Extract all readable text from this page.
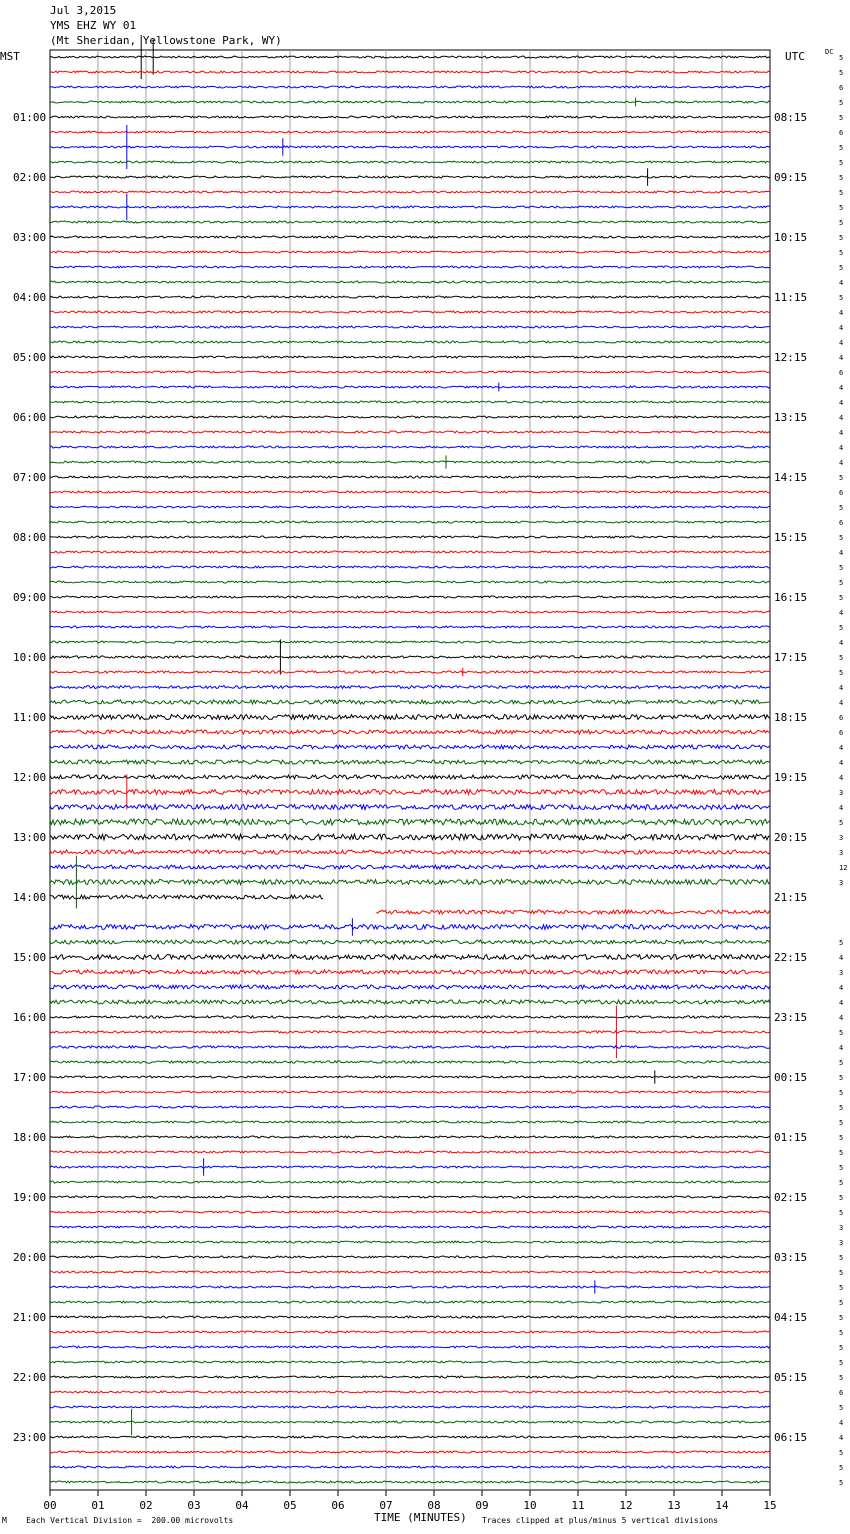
Jul 3,2015
YMS EHZ WY 01
(Mt Sheridan, Yellowstone Park, WY)
MST	UTC	DC
5
5
6
5
5
6
5
5
5
5
5
5
5
5
5
4
5
4
4
4
4
6
4
4
4
4
4
4
5
6
5
6
5
4
5
5
5
4
5
4
5
5
4
4
6
6
4
4
4
3
4
5
3
3
12
3
5
4
3
4
4
4
5
4
5
5
5
5
5
5
5
5
5
5
5
3
3
5
5
5
5
5
5
5
5
5
6
5
4
4
5
5
5
01:00
02:00
03:00
04:00
05:00
06:00
07:00
08:00
09:00
10:00
11:00
12:00
13:00
14:00
15:00
16:00
17:00
18:00
19:00
20:00
21:00
22:00
23:00
08:15
09:15
10:15
11:15
12:15
13:15
14:15
15:15
16:15
17:15
18:15
19:15
20:15
21:15
22:15
23:15
00:15
01:15
02:15
03:15
04:15
05:15
06:15
00	01	02	03	04	05	06	07	08	09	10	11	12	13	14	15
TIME (MINUTES)
M Each Vertical Division =  200.00 microvolts	Traces clipped at plus/minus 5 vertical divisions
